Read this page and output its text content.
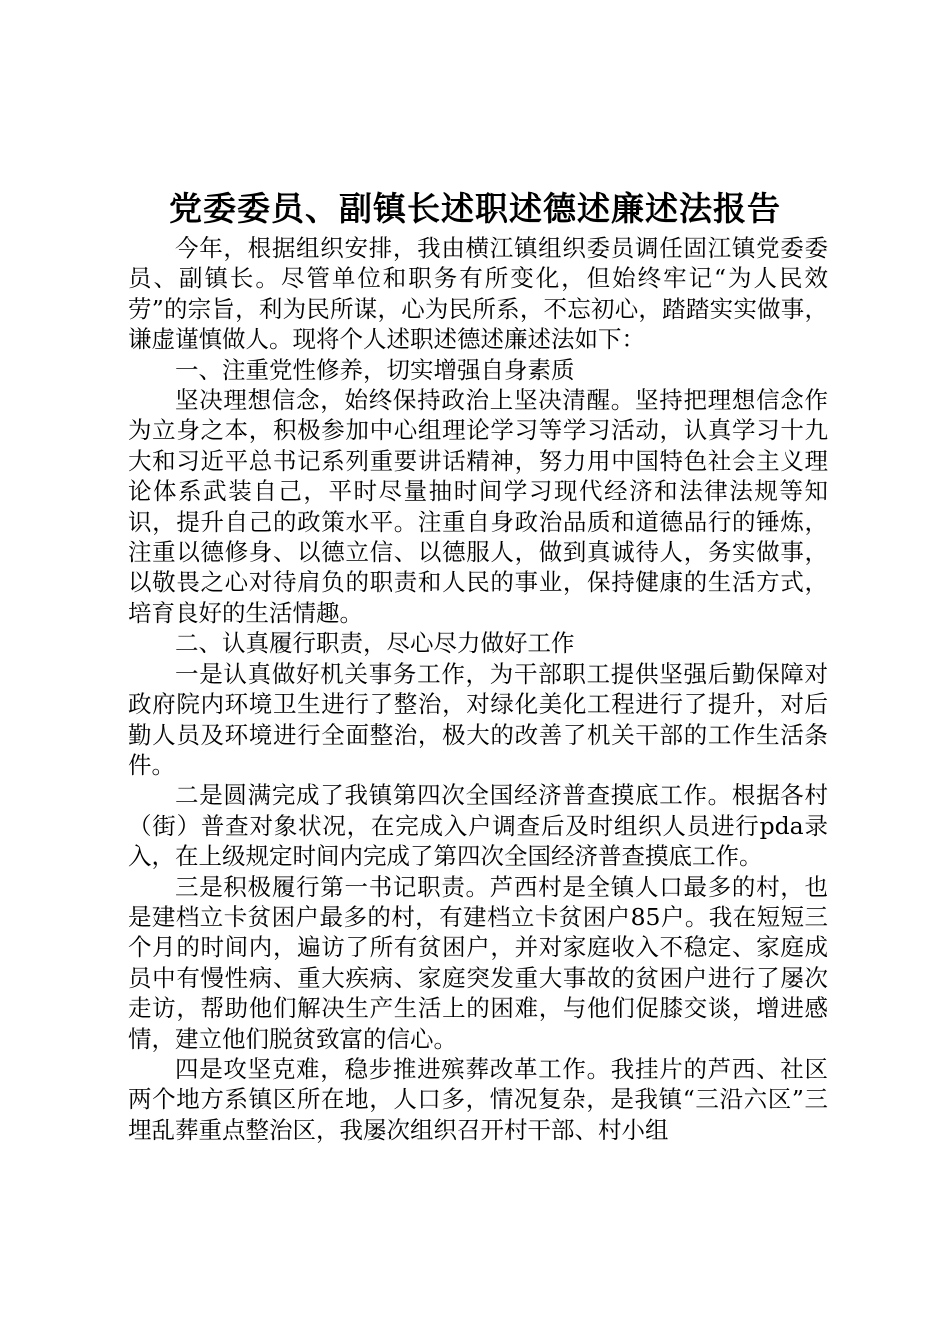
党委委员、副镇长述职述德述廉述法报告

今年，根据组织安排，我由横江镇组织委员调任固江镇党委委员、副镇长。尽管单位和职务有所变化，但始终牢记“为人民效劳”的宗旨，利为民所谋，心为民所系，不忘初心，踏踏实实做事，谦虚谨慎做人。现将个人述职述德述廉述法如下：

一、注重党性修养，切实增强自身素质

坚决理想信念，始终保持政治上坚决清醒。坚持把理想信念作为立身之本，积极参加中心组理论学习等学习活动，认真学习十九大和习近平总书记系列重要讲话精神，努力用中国特色社会主义理论体系武装自己，平时尽量抽时间学习现代经济和法律法规等知识，提升自己的政策水平。注重自身政治品质和道德品行的锤炼，注重以德修身、以德立信、以德服人，做到真诚待人，务实做事，以敬畏之心对待肩负的职责和人民的事业，保持健康的生活方式，培育良好的生活情趣。

二、认真履行职责，尽心尽力做好工作

一是认真做好机关事务工作，为干部职工提供坚强后勤保障对政府院内环境卫生进行了整治，对绿化美化工程进行了提升，对后勤人员及环境进行全面整治，极大的改善了机关干部的工作生活条件。

二是圆满完成了我镇第四次全国经济普查摸底工作。根据各村（街）普查对象状况，在完成入户调查后及时组织人员进行pda录入，在上级规定时间内完成了第四次全国经济普查摸底工作。

三是积极履行第一书记职责。芦西村是全镇人口最多的村，也是建档立卡贫困户最多的村，有建档立卡贫困户85户。我在短短三个月的时间内，遍访了所有贫困户，并对家庭收入不稳定、家庭成员中有慢性病、重大疾病、家庭突发重大事故的贫困户进行了屡次走访，帮助他们解决生产生活上的困难，与他们促膝交谈，增进感情，建立他们脱贫致富的信心。

四是攻坚克难，稳步推进殡葬改革工作。我挂片的芦西、社区两个地方系镇区所在地，人口多，情况复杂，是我镇“三沿六区”三埋乱葬重点整治区，我屡次组织召开村干部、村小组
